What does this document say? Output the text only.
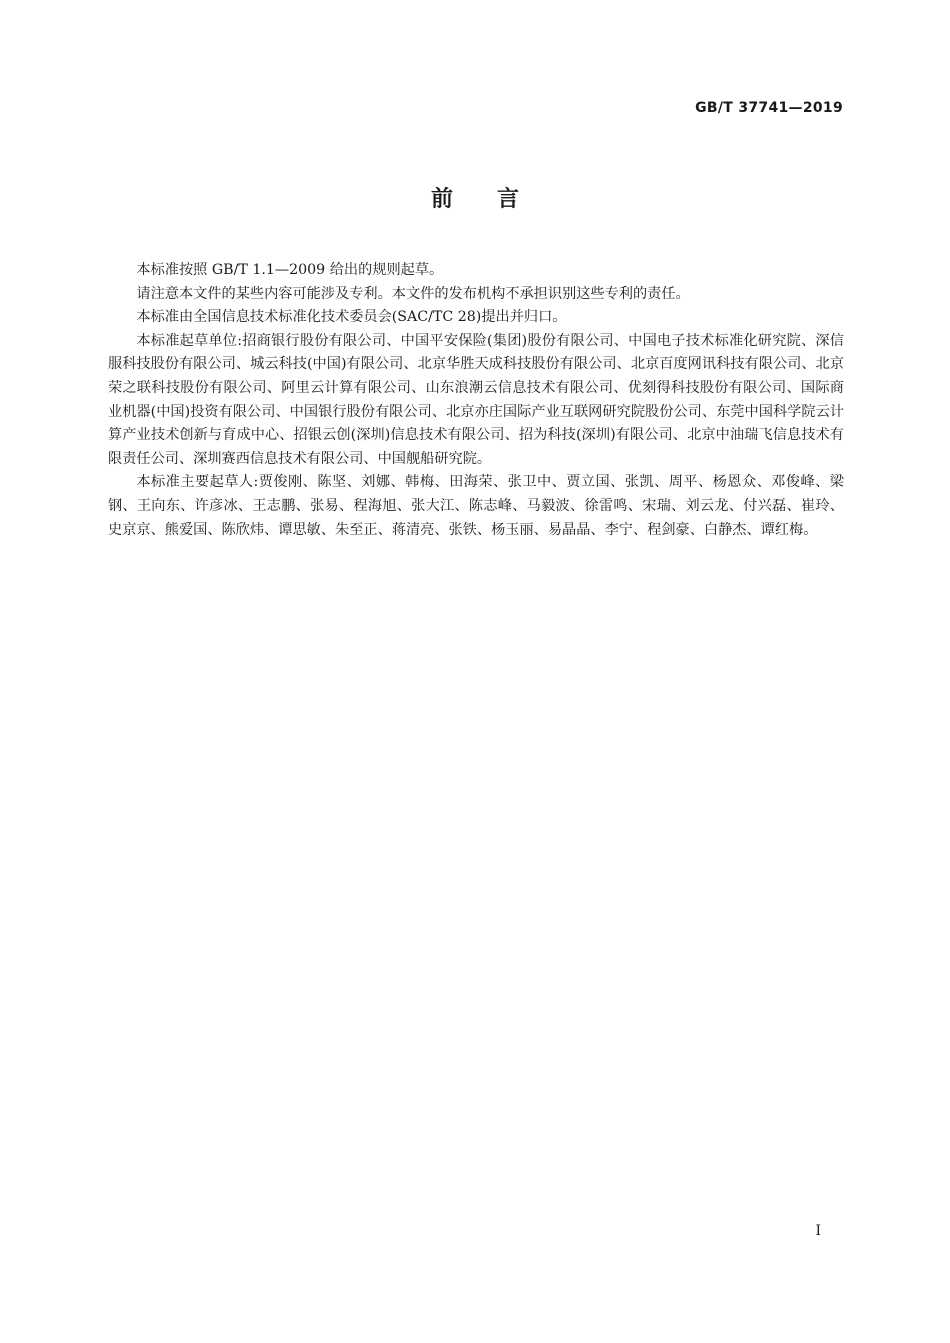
GB/T 37741—2019
前言

本标准按照 GB/T 1.1—2009 给出的规则起草。

请注意本文件的某些内容可能涉及专利。本文件的发布机构不承担识别这些专利的责任。

本标准由全国信息技术标准化技术委员会(SAC/TC 28)提出并归口。

本标准起草单位:招商银行股份有限公司、中国平安保险(集团)股份有限公司、中国电子技术标准化研究院、深信服科技股份有限公司、城云科技(中国)有限公司、北京华胜天成科技股份有限公司、北京百度网讯科技有限公司、北京荣之联科技股份有限公司、阿里云计算有限公司、山东浪潮云信息技术有限公司、优刻得科技股份有限公司、国际商业机器(中国)投资有限公司、中国银行股份有限公司、北京亦庄国际产业互联网研究院股份公司、东莞中国科学院云计算产业技术创新与育成中心、招银云创(深圳)信息技术有限公司、招为科技(深圳)有限公司、北京中油瑞飞信息技术有限责任公司、深圳赛西信息技术有限公司、中国舰船研究院。

本标准主要起草人:贾俊刚、陈坚、刘娜、韩梅、田海荣、张卫中、贾立国、张凯、周平、杨恩众、邓俊峰、梁钢、王向东、许彦冰、王志鹏、张易、程海旭、张大江、陈志峰、马毅波、徐雷鸣、宋瑞、刘云龙、付兴磊、崔玲、史京京、熊爱国、陈欣炜、谭思敏、朱至正、蒋清亮、张铁、杨玉丽、易晶晶、李宁、程剑豪、白静杰、谭红梅。

I
